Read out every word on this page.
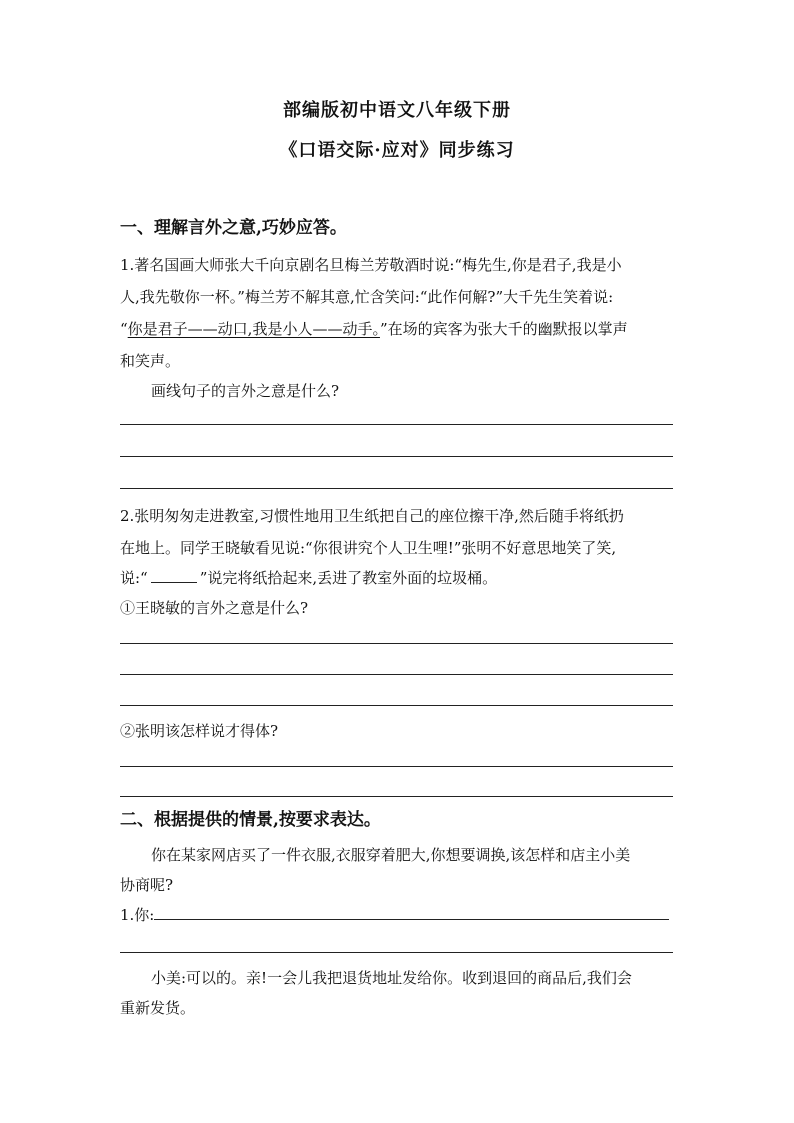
部编版初中语文八年级下册
《口语交际·应对》同步练习
一、理解言外之意,巧妙应答。
1.著名国画大师张大千向京剧名旦梅兰芳敬酒时说:“梅先生,你是君子,我是小
人,我先敬你一杯。”梅兰芳不解其意,忙含笑问:“此作何解?”大千先生笑着说:
“你是君子——动口,我是小人——动手。”在场的宾客为张大千的幽默报以掌声
和笑声。
画线句子的言外之意是什么?
2.张明匆匆走进教室,习惯性地用卫生纸把自己的座位擦干净,然后随手将纸扔
在地上。同学王晓敏看见说:“你很讲究个人卫生哩!”张明不好意思地笑了笑,
说:“	”说完将纸拾起来,丢进了教室外面的垃圾桶。
①王晓敏的言外之意是什么?
②张明该怎样说才得体?
二、根据提供的情景,按要求表达。
你在某家网店买了一件衣服,衣服穿着肥大,你想要调换,该怎样和店主小美
协商呢?
1.你:
小美:可以的。亲!一会儿我把退货地址发给你。收到退回的商品后,我们会
重新发货。
